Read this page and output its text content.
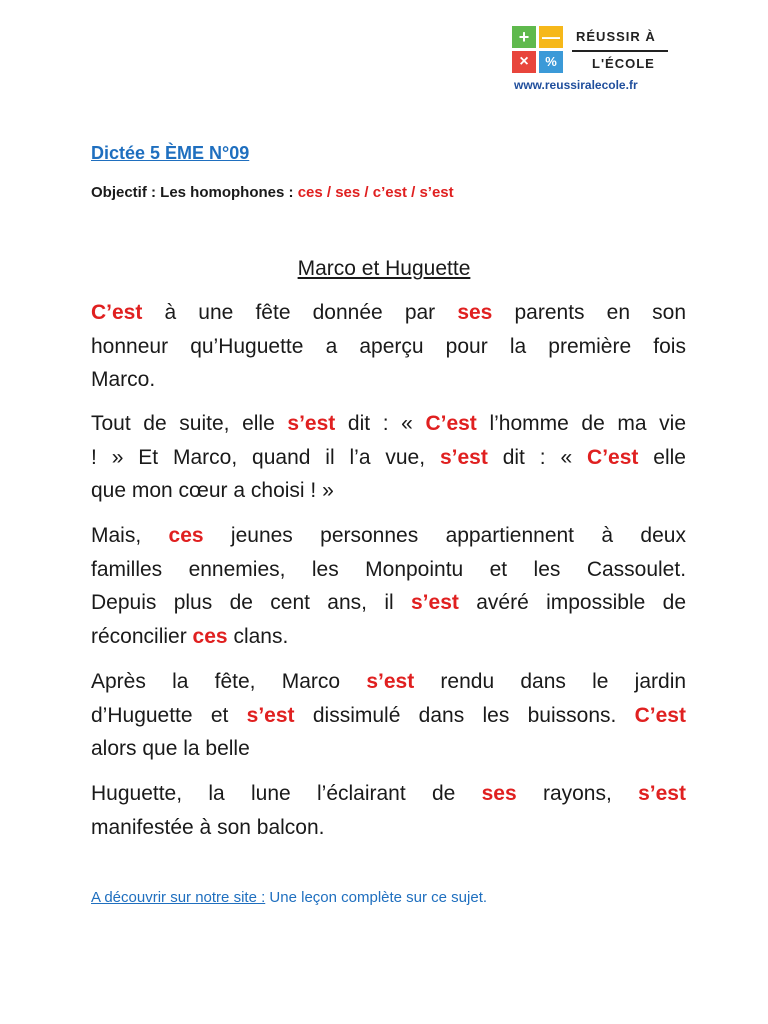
+ —
×	%
RÉUSSIR À
L'ÉCOLE
www.reussiralecole.fr
Dictée 5 ÈME N°09
Objectif : Les homophones : ces / ses / c’est / s’est
Marco et Huguette
C’est à une fête donnée par ses parents en son
honneur qu’Huguette a aperçu pour la première fois
Marco.
Tout de suite, elle s’est dit : « C’est l’homme de ma vie
! » Et Marco, quand il l’a vue, s’est dit : « C’est elle
que mon cœur a choisi ! »
Mais, ces jeunes personnes appartiennent à deux
familles ennemies, les Monpointu et les Cassoulet.
Depuis plus de cent ans, il s’est avéré impossible de
réconcilier ces clans.
Après la fête, Marco s’est rendu dans le jardin
d’Huguette et s’est dissimulé dans les buissons. C’est
alors que la belle
Huguette, la lune l’éclairant de ses rayons, s’est
manifestée à son balcon.
A découvrir sur notre site : Une leçon complète sur ce sujet.
